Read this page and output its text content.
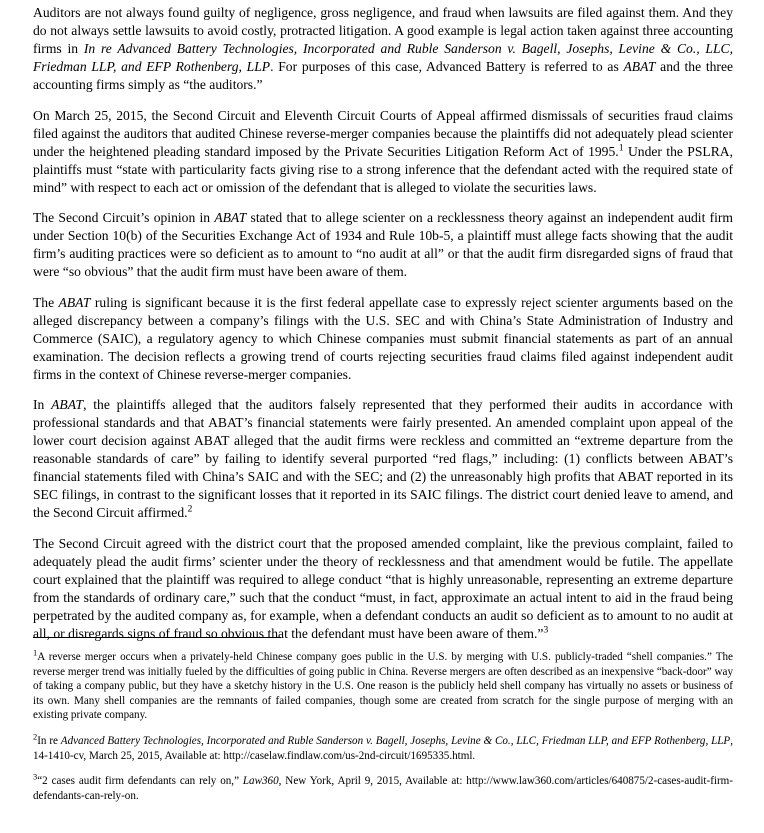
Auditors are not always found guilty of negligence, gross negligence, and fraud when lawsuits are filed against them. And they do not always settle lawsuits to avoid costly, protracted litigation. A good example is legal action taken against three accounting firms in In re Advanced Battery Technologies, Incorporated and Ruble Sanderson v. Bagell, Josephs, Levine & Co., LLC, Friedman LLP, and EFP Rothenberg, LLP. For purposes of this case, Advanced Battery is referred to as ABAT and the three accounting firms simply as “the auditors.”

On March 25, 2015, the Second Circuit and Eleventh Circuit Courts of Appeal affirmed dismissals of securities fraud claims filed against the auditors that audited Chinese reverse-merger companies because the plaintiffs did not adequately plead scienter under the heightened pleading standard imposed by the Private Securities Litigation Reform Act of 1995.$^1$ Under the PSLRA, plaintiffs must “state with particularity facts giving rise to a strong inference that the defendant acted with the required state of mind” with respect to each act or omission of the defendant that is alleged to violate the securities laws.

The Second Circuit’s opinion in ABAT stated that to allege scienter on a recklessness theory against an independent audit firm under Section 10(b) of the Securities Exchange Act of 1934 and Rule 10b-5, a plaintiff must allege facts showing that the audit firm’s auditing practices were so deficient as to amount to “no audit at all” or that the audit firm disregarded signs of fraud that were “so obvious” that the audit firm must have been aware of them.

The ABAT ruling is significant because it is the first federal appellate case to expressly reject scienter arguments based on the alleged discrepancy between a company’s filings with the U.S. SEC and with China’s State Administration of Industry and Commerce (SAIC), a regulatory agency to which Chinese companies must submit financial statements as part of an annual examination. The decision reflects a growing trend of courts rejecting securities fraud claims filed against independent audit firms in the context of Chinese reverse-merger companies.

In ABAT, the plaintiffs alleged that the auditors falsely represented that they performed their audits in accordance with professional standards and that ABAT’s financial statements were fairly presented. An amended complaint upon appeal of the lower court decision against ABAT alleged that the audit firms were reckless and committed an “extreme departure from the reasonable standards of care” by failing to identify several purported “red flags,” including: (1) conflicts between ABAT’s financial statements filed with China’s SAIC and with the SEC; and (2) the unreasonably high profits that ABAT reported in its SEC filings, in contrast to the significant losses that it reported in its SAIC filings. The district court denied leave to amend, and the Second Circuit affirmed.$^2$

The Second Circuit agreed with the district court that the proposed amended complaint, like the previous complaint, failed to adequately plead the audit firms’ scienter under the theory of recklessness and that amendment would be futile. The appellate court explained that the plaintiff was required to allege conduct “that is highly unreasonable, representing an extreme departure from the standards of ordinary care,” such that the conduct “must, in fact, approximate an actual intent to aid in the fraud being perpetrated by the audited company as, for example, when a defendant conducts an audit so deficient as to amount to no audit at all, or disregards signs of fraud so obvious that the defendant must have been aware of them.”$^3$

$^1$A reverse merger occurs when a privately-held Chinese company goes public in the U.S. by merging with U.S. publicly-traded “shell companies.” The reverse merger trend was initially fueled by the difficulties of going public in China. Reverse mergers are often described as an inexpensive “back-door” way of taking a company public, but they have a sketchy history in the U.S. One reason is the publicly held shell company has virtually no assets or business of its own. Many shell companies are the remnants of failed companies, though some are created from scratch for the single purpose of merging with an existing private company.

$^2$In re Advanced Battery Technologies, Incorporated and Ruble Sanderson v. Bagell, Josephs, Levine & Co., LLC, Friedman LLP, and EFP Rothenberg, LLP, 14-1410-cv, March 25, 2015, Available at: http://caselaw.findlaw.com/us-2nd-circuit/1695335.html.

$^3$“2 cases audit firm defendants can rely on,” Law360, New York, April 9, 2015, Available at: http://www.law360.com/articles/640875/2-cases-audit-firm-defendants-can-rely-on.
